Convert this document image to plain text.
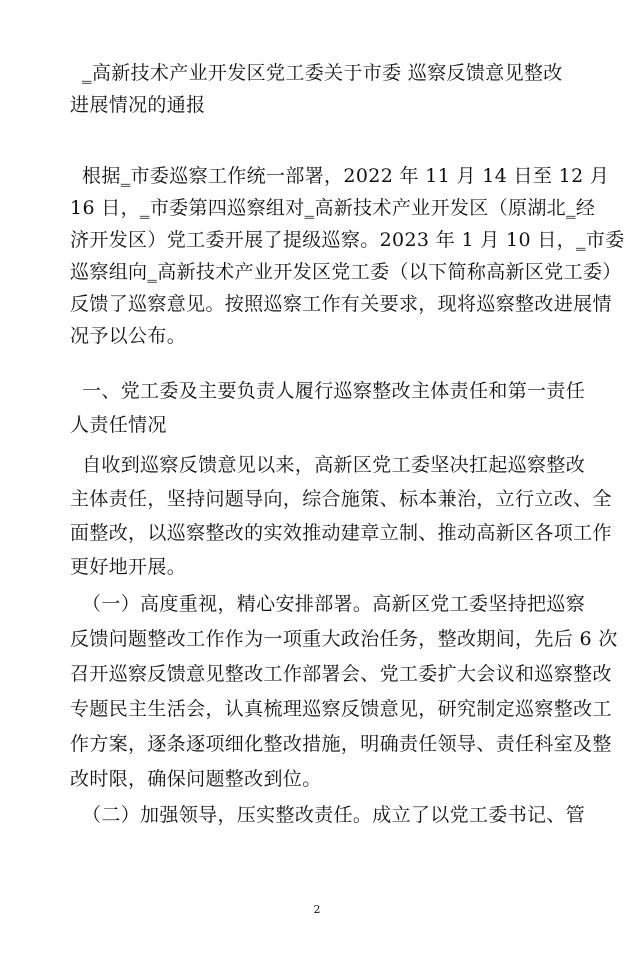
‗高新技术产业开发区党工委关于市委 巡察反馈意见整改
进展情况的通报
根据‗市委巡察工作统一部署，2022 年 11 月 14 日至 12 月
16 日，‗市委第四巡察组对‗高新技术产业开发区（原湖北‗经
济开发区）党工委开展了提级巡察。2023 年 1 月 10 日，‗市委
巡察组向‗高新技术产业开发区党工委（以下简称高新区党工委）
反馈了巡察意见。按照巡察工作有关要求，现将巡察整改进展情
况予以公布。
一、党工委及主要负责人履行巡察整改主体责任和第一责任
人责任情况
自收到巡察反馈意见以来，高新区党工委坚决扛起巡察整改
主体责任，坚持问题导向，综合施策、标本兼治，立行立改、全
面整改，以巡察整改的实效推动建章立制、推动高新区各项工作
更好地开展。
（一）高度重视，精心安排部署。高新区党工委坚持把巡察
反馈问题整改工作作为一项重大政治任务，整改期间，先后 6 次
召开巡察反馈意见整改工作部署会、党工委扩大会议和巡察整改
专题民主生活会，认真梳理巡察反馈意见，研究制定巡察整改工
作方案，逐条逐项细化整改措施，明确责任领导、责任科室及整
改时限，确保问题整改到位。
（二）加强领导，压实整改责任。成立了以党工委书记、管
2
